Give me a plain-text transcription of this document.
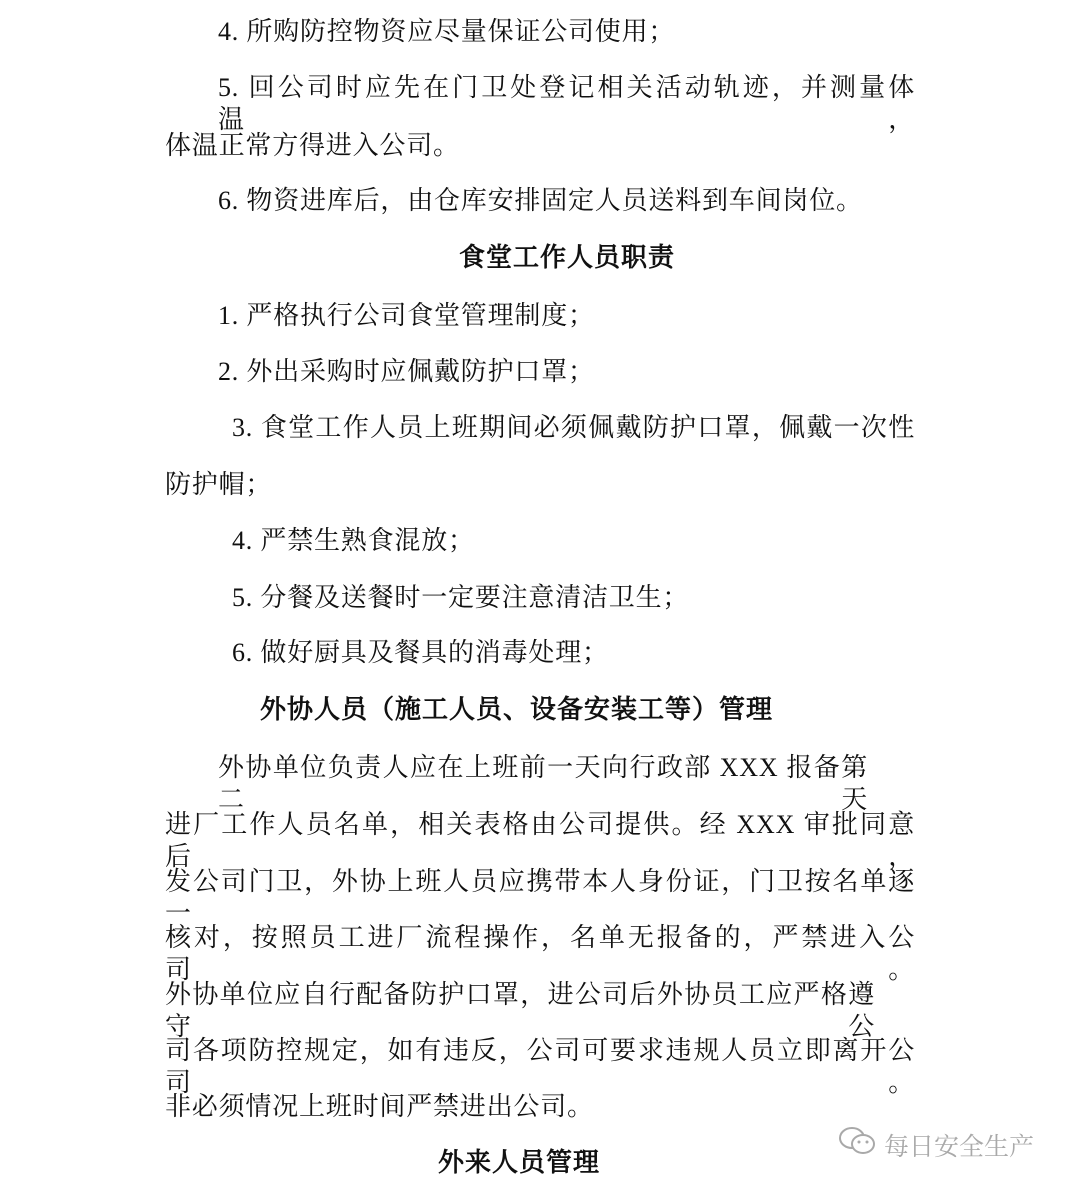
4. 所购防控物资应尽量保证公司使用；
5. 回公司时应先在门卫处登记相关活动轨迹，并测量体温，
体温正常方得进入公司。
6. 物资进库后，由仓库安排固定人员送料到车间岗位。
食堂工作人员职责
1. 严格执行公司食堂管理制度；
2. 外出采购时应佩戴防护口罩；
3. 食堂工作人员上班期间必须佩戴防护口罩，佩戴一次性
防护帽；
4. 严禁生熟食混放；
5. 分餐及送餐时一定要注意清洁卫生；
6. 做好厨具及餐具的消毒处理；
外协人员（施工人员、设备安装工等）管理
外协单位负责人应在上班前一天向行政部 XXX 报备第二天
进厂工作人员名单，相关表格由公司提供。经 XXX 审批同意后，
发公司门卫，外协上班人员应携带本人身份证，门卫按名单逐一
核对，按照员工进厂流程操作，名单无报备的，严禁进入公司。
外协单位应自行配备防护口罩，进公司后外协员工应严格遵守公
司各项防控规定，如有违反，公司可要求违规人员立即离开公司。
非必须情况上班时间严禁进出公司。
外来人员管理
每日安全生产
